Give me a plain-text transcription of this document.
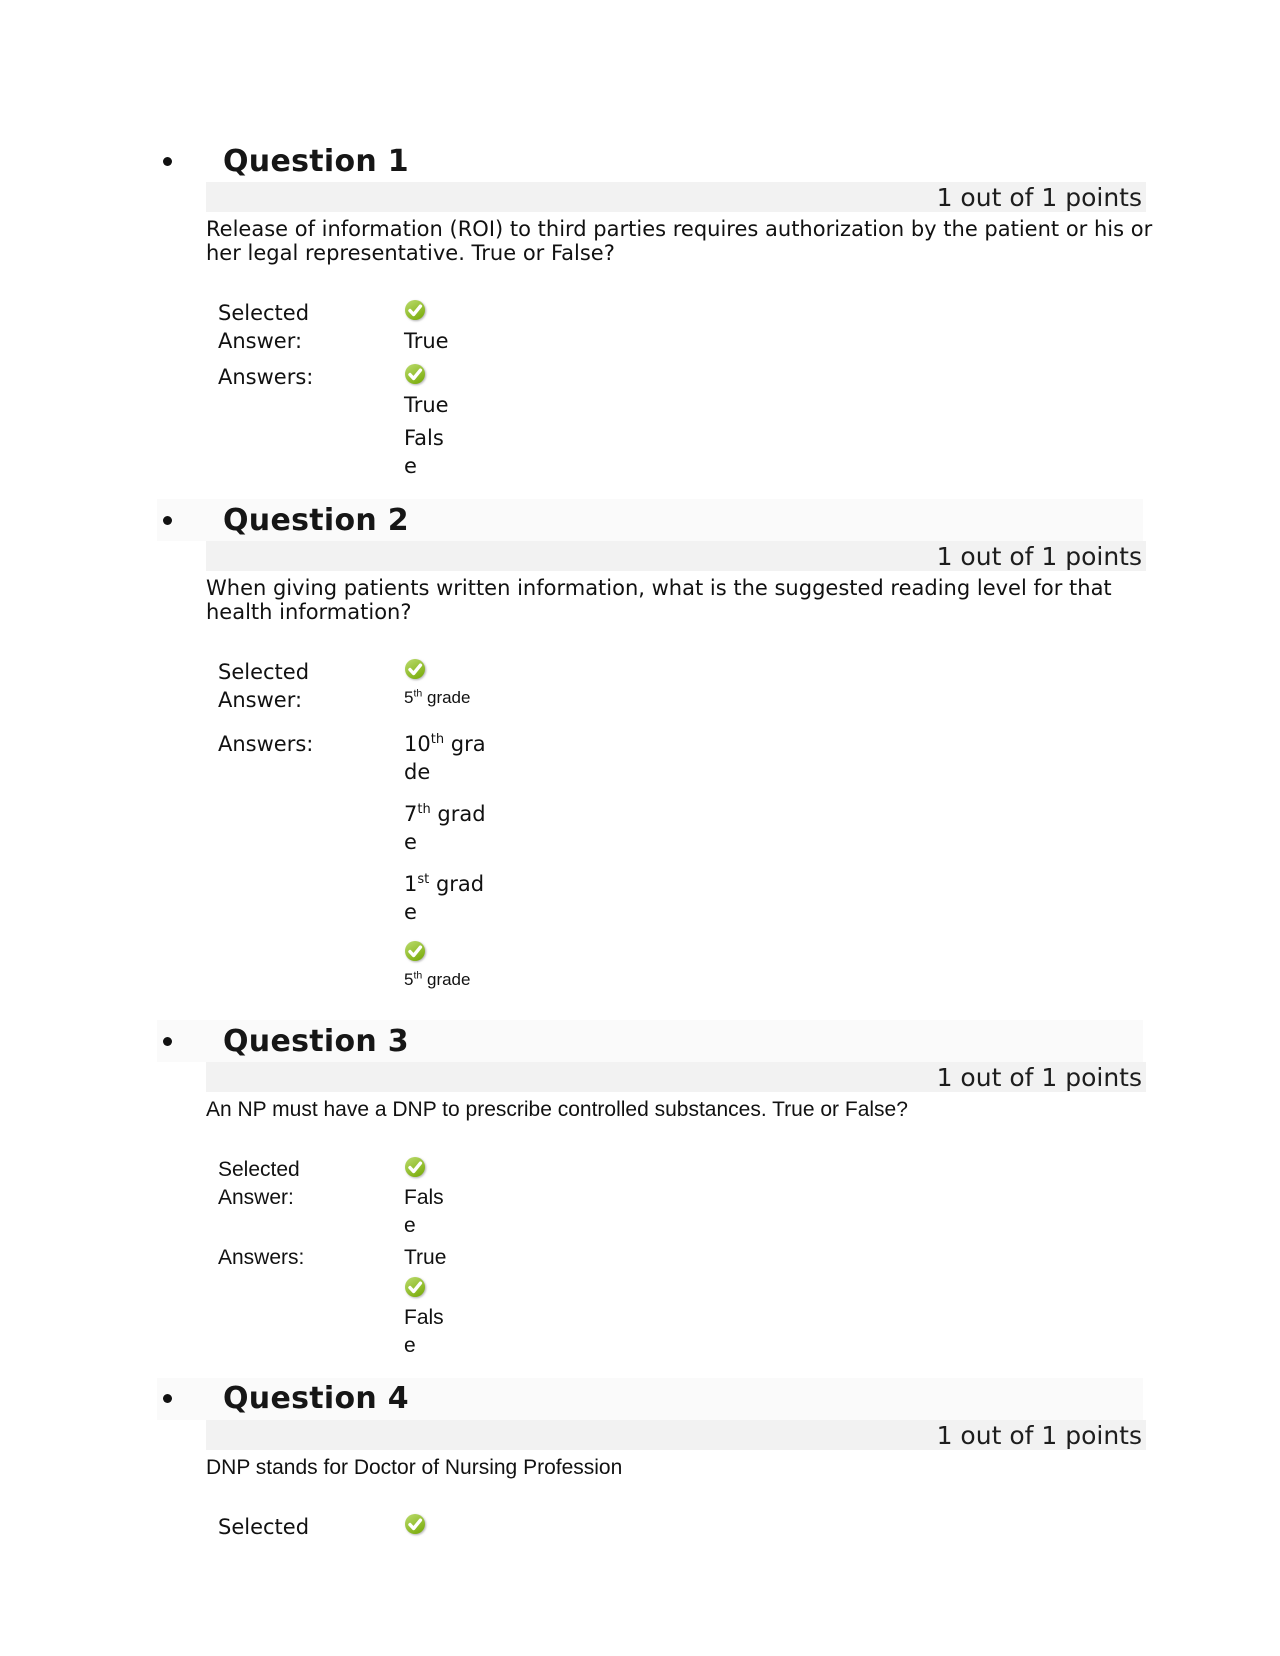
Question 1
1 out of 1 points

Release of information (ROI) to third parties requires authorization by the patient or his or her legal representative. True or False?

Selected Answer:	True
Answers:
True
False
Question 2
1 out of 1 points

When giving patients written information, what is the suggested reading level for that health information?

Selected Answer:	5th grade
Answers:	10th grade
7th grade
1st grade
5th grade
Question 3
1 out of 1 points

An NP must have a DNP to prescribe controlled substances. True or False?

Selected Answer:	False
Answers:	True
False
Question 4
1 out of 1 points

DNP stands for Doctor of Nursing Profession

Selected
